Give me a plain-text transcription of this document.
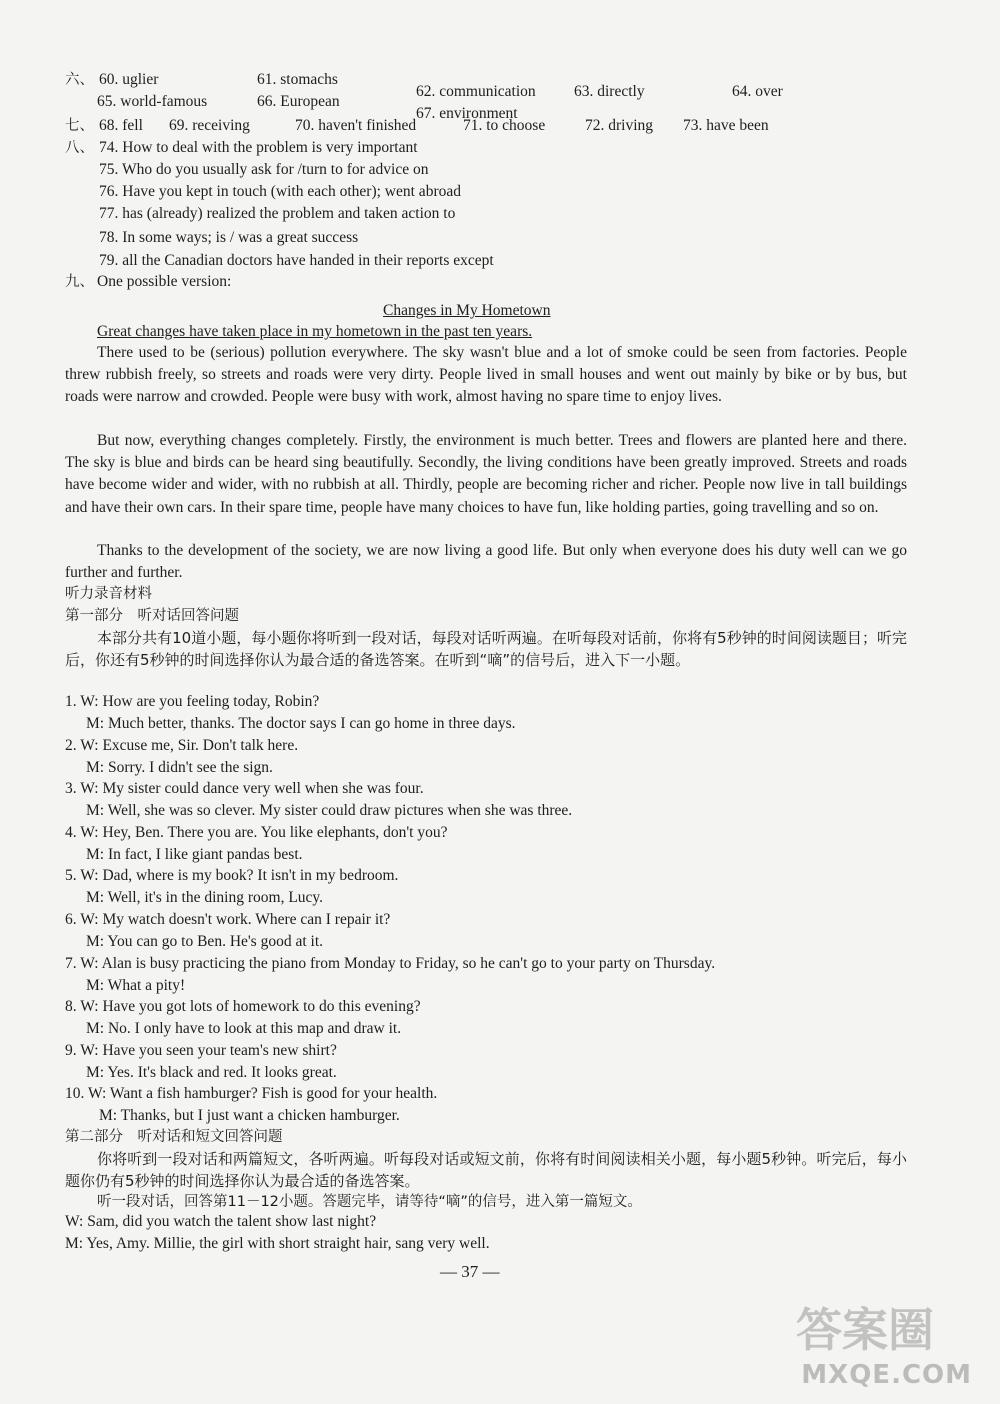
六、 60. uglier	61. stomachs
62. communication	63. directly	64. over
65. world-famous	66. European
67. environment
七、 68. fell	69. receiving	70. haven't finished	71. to choose	72. driving	73. have been
八、 74. How to deal with the problem is very important
75. Who do you usually ask for /turn to for advice on
76. Have you kept in touch (with each other); went abroad
77. has (already) realized the problem and taken action to
78. In some ways; is / was a great success
79. all the Canadian doctors have handed in their reports except
九、 One possible version:
Changes in My Hometown
Great changes have taken place in my hometown in the past ten years.
There used to be (serious) pollution everywhere. The sky wasn't blue and a lot of smoke could be seen from factories. People threw rubbish freely, so streets and roads were very dirty. People lived in small houses and went out mainly by bike or by bus, but roads were narrow and crowded. People were busy with work, almost having no spare time to enjoy lives.
But now, everything changes completely. Firstly, the environment is much better. Trees and flowers are planted here and there. The sky is blue and birds can be heard sing beautifully. Secondly, the living conditions have been greatly improved. Streets and roads have become wider and wider, with no rubbish at all. Thirdly, people are becoming richer and richer. People now live in tall buildings and have their own cars. In their spare time, people have many choices to have fun, like holding parties, going travelling and so on.
Thanks to the development of the society, we are now living a good life. But only when everyone does his duty well can we go further and further.
听力录音材料
第一部分　听对话回答问题
本部分共有10道小题，每小题你将听到一段对话，每段对话听两遍。在听每段对话前，你将有5秒钟的时间阅读题目；听完后，你还有5秒钟的时间选择你认为最合适的备选答案。在听到“嘀”的信号后，进入下一小题。
1. W: How are you feeling today, Robin?
M: Much better, thanks. The doctor says I can go home in three days.
2. W: Excuse me, Sir. Don't talk here.
M: Sorry. I didn't see the sign.
3. W: My sister could dance very well when she was four.
M: Well, she was so clever. My sister could draw pictures when she was three.
4. W: Hey, Ben. There you are. You like elephants, don't you?
M: In fact, I like giant pandas best.
5. W: Dad, where is my book? It isn't in my bedroom.
M: Well, it's in the dining room, Lucy.
6. W: My watch doesn't work. Where can I repair it?
M: You can go to Ben. He's good at it.
7. W: Alan is busy practicing the piano from Monday to Friday, so he can't go to your party on Thursday.
M: What a pity!
8. W: Have you got lots of homework to do this evening?
M: No. I only have to look at this map and draw it.
9. W: Have you seen your team's new shirt?
M: Yes. It's black and red. It looks great.
10. W: Want a fish hamburger? Fish is good for your health.
M: Thanks, but I just want a chicken hamburger.
第二部分　听对话和短文回答问题
你将听到一段对话和两篇短文，各听两遍。听每段对话或短文前，你将有时间阅读相关小题，每小题5秒钟。听完后，每小题你仍有5秒钟的时间选择你认为最合适的备选答案。
听一段对话，回答第11－12小题。答题完毕，请等待“嘀”的信号，进入第一篇短文。
W: Sam, did you watch the talent show last night?
M: Yes, Amy. Millie, the girl with short straight hair, sang very well.
— 37 —
答案圈
MXQE.COM
